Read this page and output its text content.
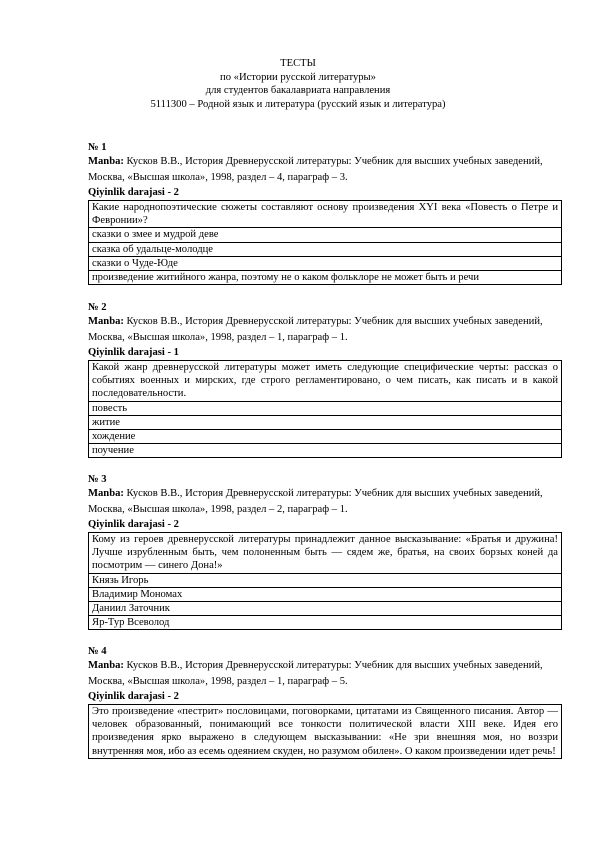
ТЕСТЫ
по «Истории русской литературы»
для студентов бакалавриата направления
5111300 – Родной язык и литература (русский язык и литература)
№ 1
Manba: Кусков В.В., История Древнерусской литературы: Учебник для высших учебных заведений, Москва, «Высшая школа», 1998, раздел – 4, параграф – 3.
Qiyinlik darajasi - 2
Какие народнопоэтические сюжеты составляют основу произведения XYI века «Повесть о Петре и Февронии»?
сказки о змее и мудрой деве
сказка об удальце-молодце
сказки о Чуде-Юде
произведение житийного жанра, поэтому не о каком фольклоре не может быть и речи
№ 2
Manba: Кусков В.В., История Древнерусской литературы: Учебник для высших учебных заведений, Москва, «Высшая школа», 1998, раздел – 1, параграф – 1.
Qiyinlik darajasi - 1
Какой жанр древнерусской литературы может иметь следующие специфические черты: рассказ о событиях военных и мирских, где строго регламентировано, о чем писать, как писать и в какой последовательности.
повесть
житие
хождение
поучение
№ 3
Manba: Кусков В.В., История Древнерусской литературы: Учебник для высших учебных заведений, Москва, «Высшая школа», 1998, раздел – 2, параграф – 1.
Qiyinlik darajasi - 2
Кому из героев древнерусской литературы принадлежит данное высказывание: «Братья и дружина! Лучше изрубленным быть, чем полоненным быть — сядем же, братья, на своих борзых коней да посмотрим — синего Дона!»
Князь Игорь
Владимир Мономах
Даниил Заточник
Яр-Тур Всеволод
№ 4
Manba: Кусков В.В., История Древнерусской литературы: Учебник для высших учебных заведений, Москва, «Высшая школа», 1998, раздел – 1, параграф – 5.
Qiyinlik darajasi - 2
Это произведение «пестрит» пословицами, поговорками, цитатами из Священного писания. Автор — человек образованный, понимающий все тонкости политической власти XIII веке. Идея его произведения ярко выражено в следующем высказывании: «Не зри внешняя моя, но воззри внутренняя моя, ибо аз есемь одеянием скуден, но разумом обилен». О каком произведении идет речь!
